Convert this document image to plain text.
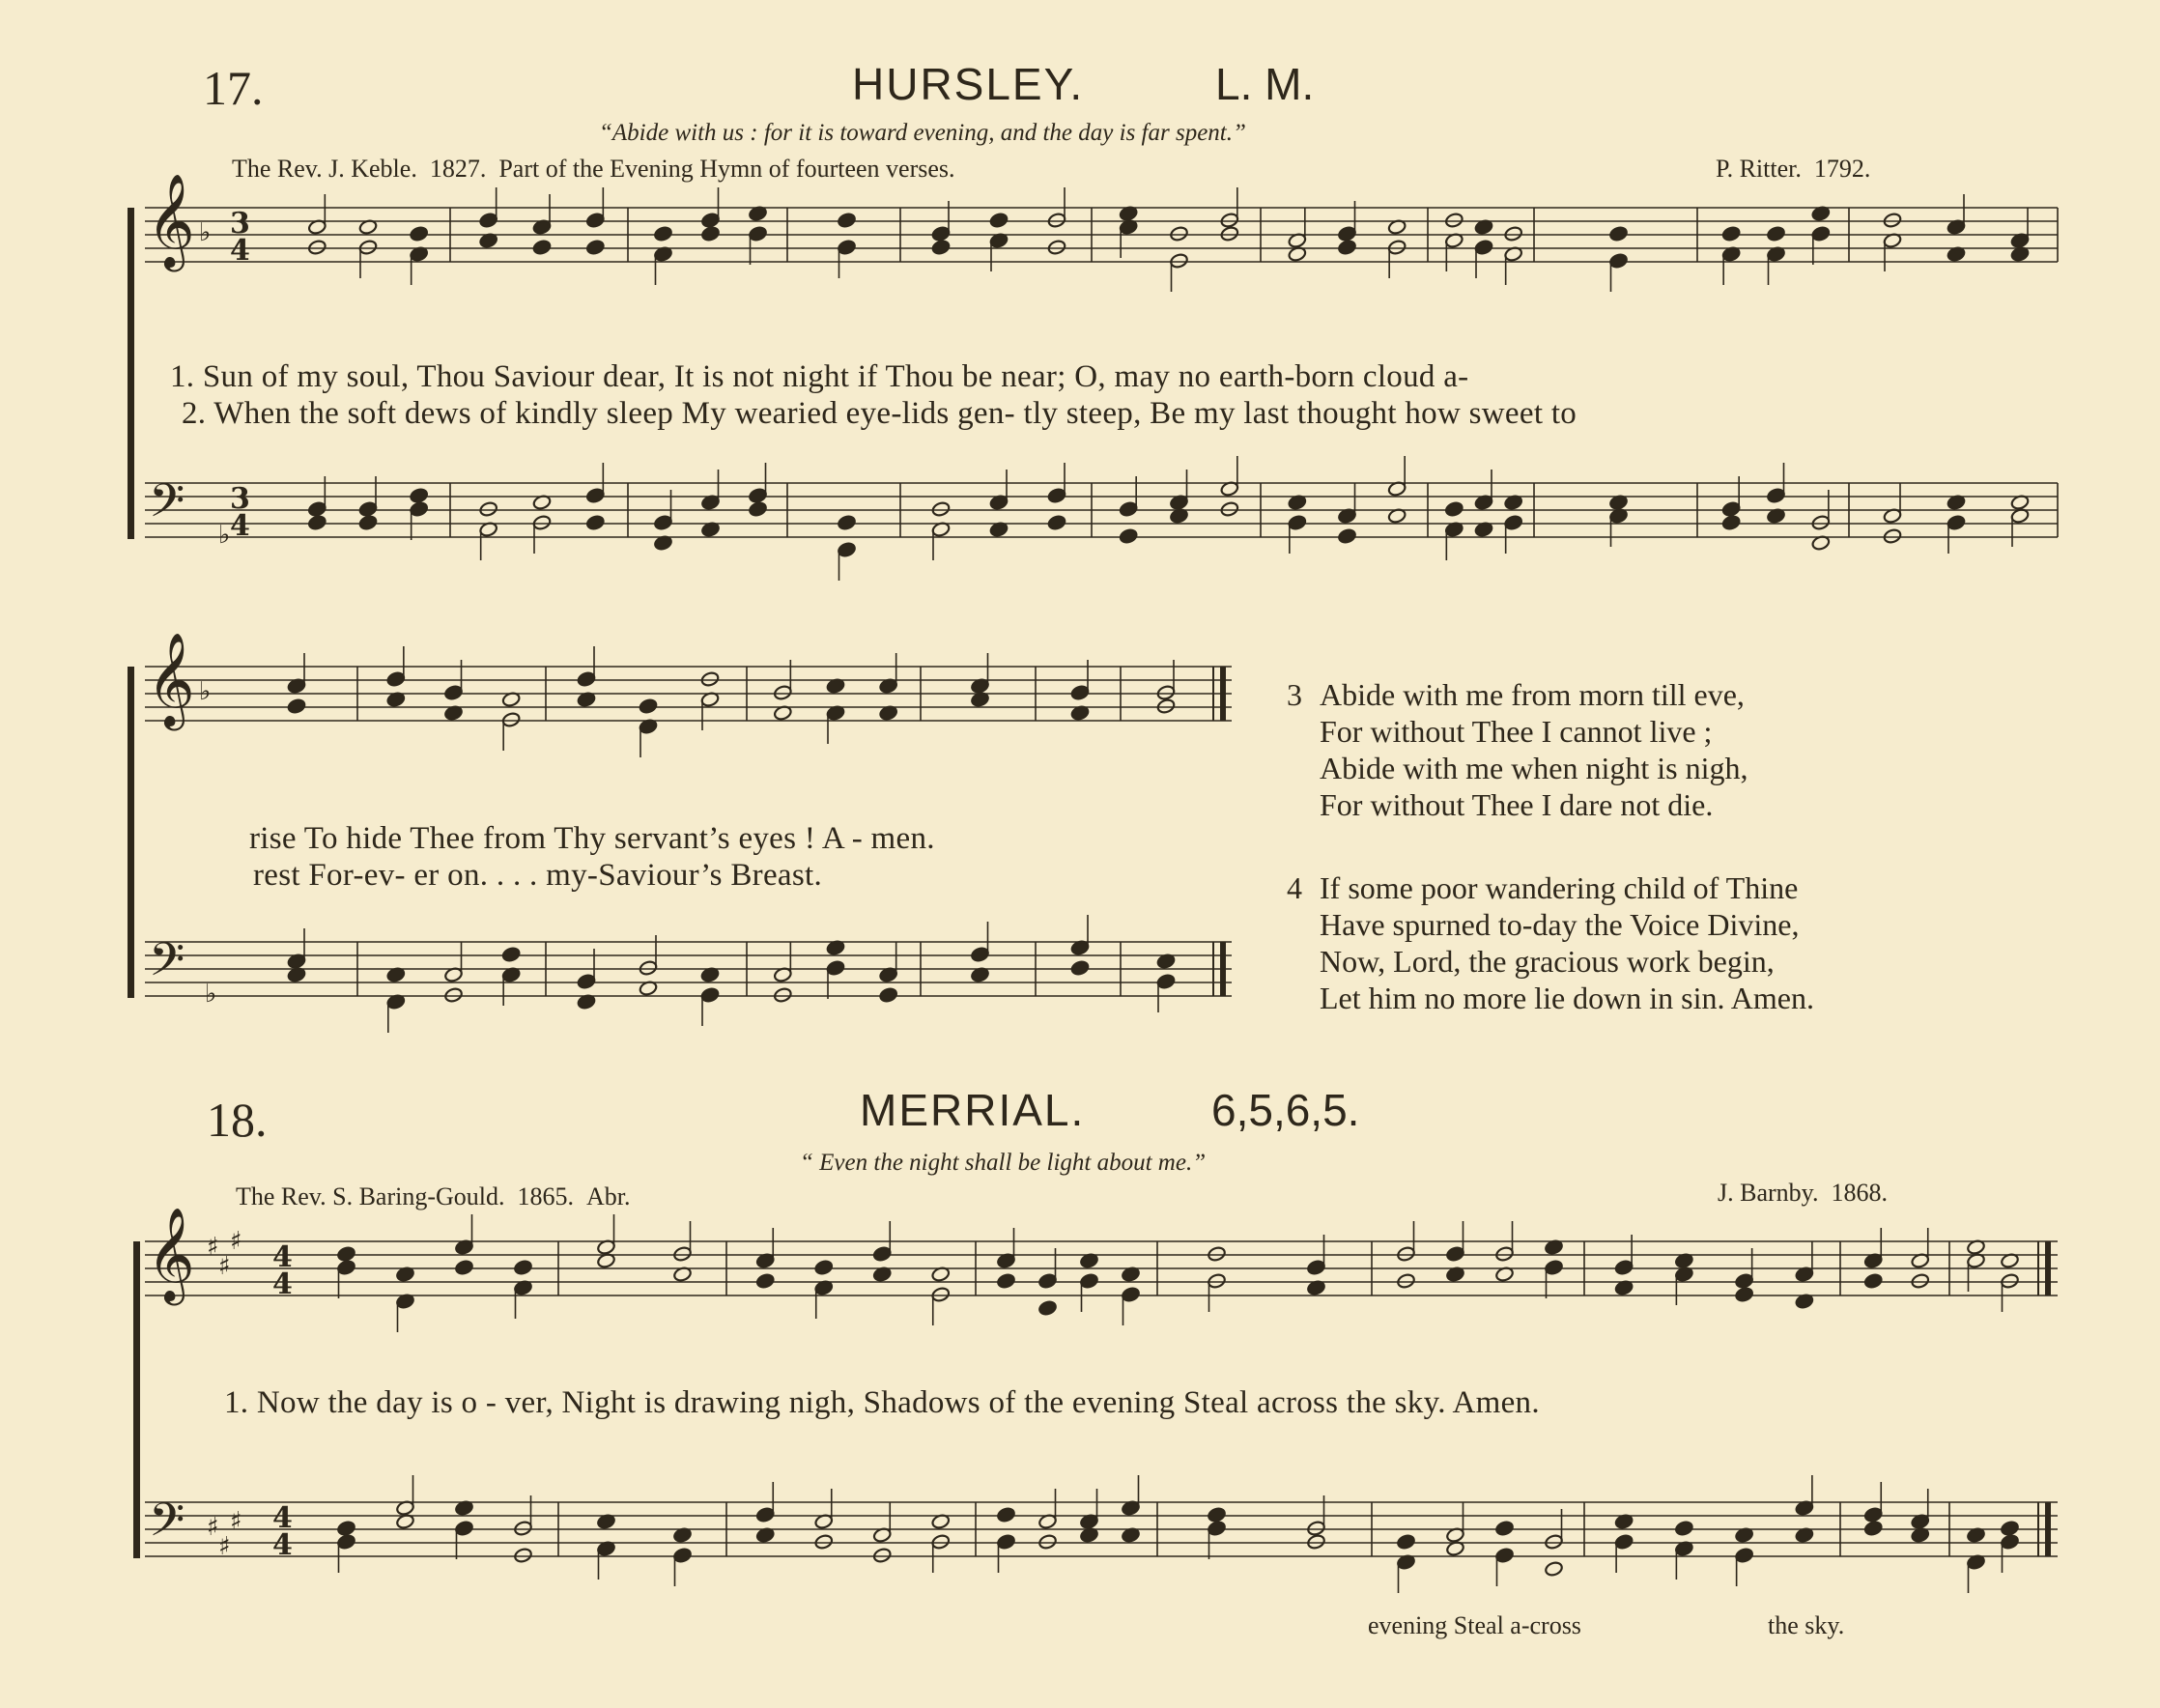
17.	HURSLEY.	L. M.
“Abide with us : for it is toward evening, and the day is far spent.”
The Rev. J. Keble. 1827. Part of the Evening Hymn of fourteen verses.	P. Ritter. 1792.
1. Sun of my soul, Thou Saviour dear, It is not night if Thou be near; O, may no earth-born cloud a-
2. When the soft dews of kindly sleep My wearied eye-lids gen- tly steep, Be my last thought how sweet to
rise To hide Thee from Thy servant’s eyes ! A - men.
rest For-ev- er on. . . . my-Saviour’s Breast.
3 Abide with me from morn till eve,
For without Thee I cannot live ;
Abide with me when night is nigh,
For without Thee I dare not die.
4 If some poor wandering child of Thine
Have spurned to-day the Voice Divine,
Now, Lord, the gracious work begin,
Let him no more lie down in sin. Amen.
18.	MERRIAL.	6,5,6,5.
“ Even the night shall be light about me.”
The Rev. S. Baring-Gould. 1865. Abr.	J. Barnby. 1868.
1. Now the day is o - ver, Night is drawing nigh, Shadows of the evening Steal across the sky. Amen.
evening Steal a-cross	the sky.
𝄞
𝄢
♭
♭
3
4
3
4
𝄞
𝄢
♭
♭
𝄞
𝄢
♯
♯
♯
♯
♯
♯
4
4
4
4
